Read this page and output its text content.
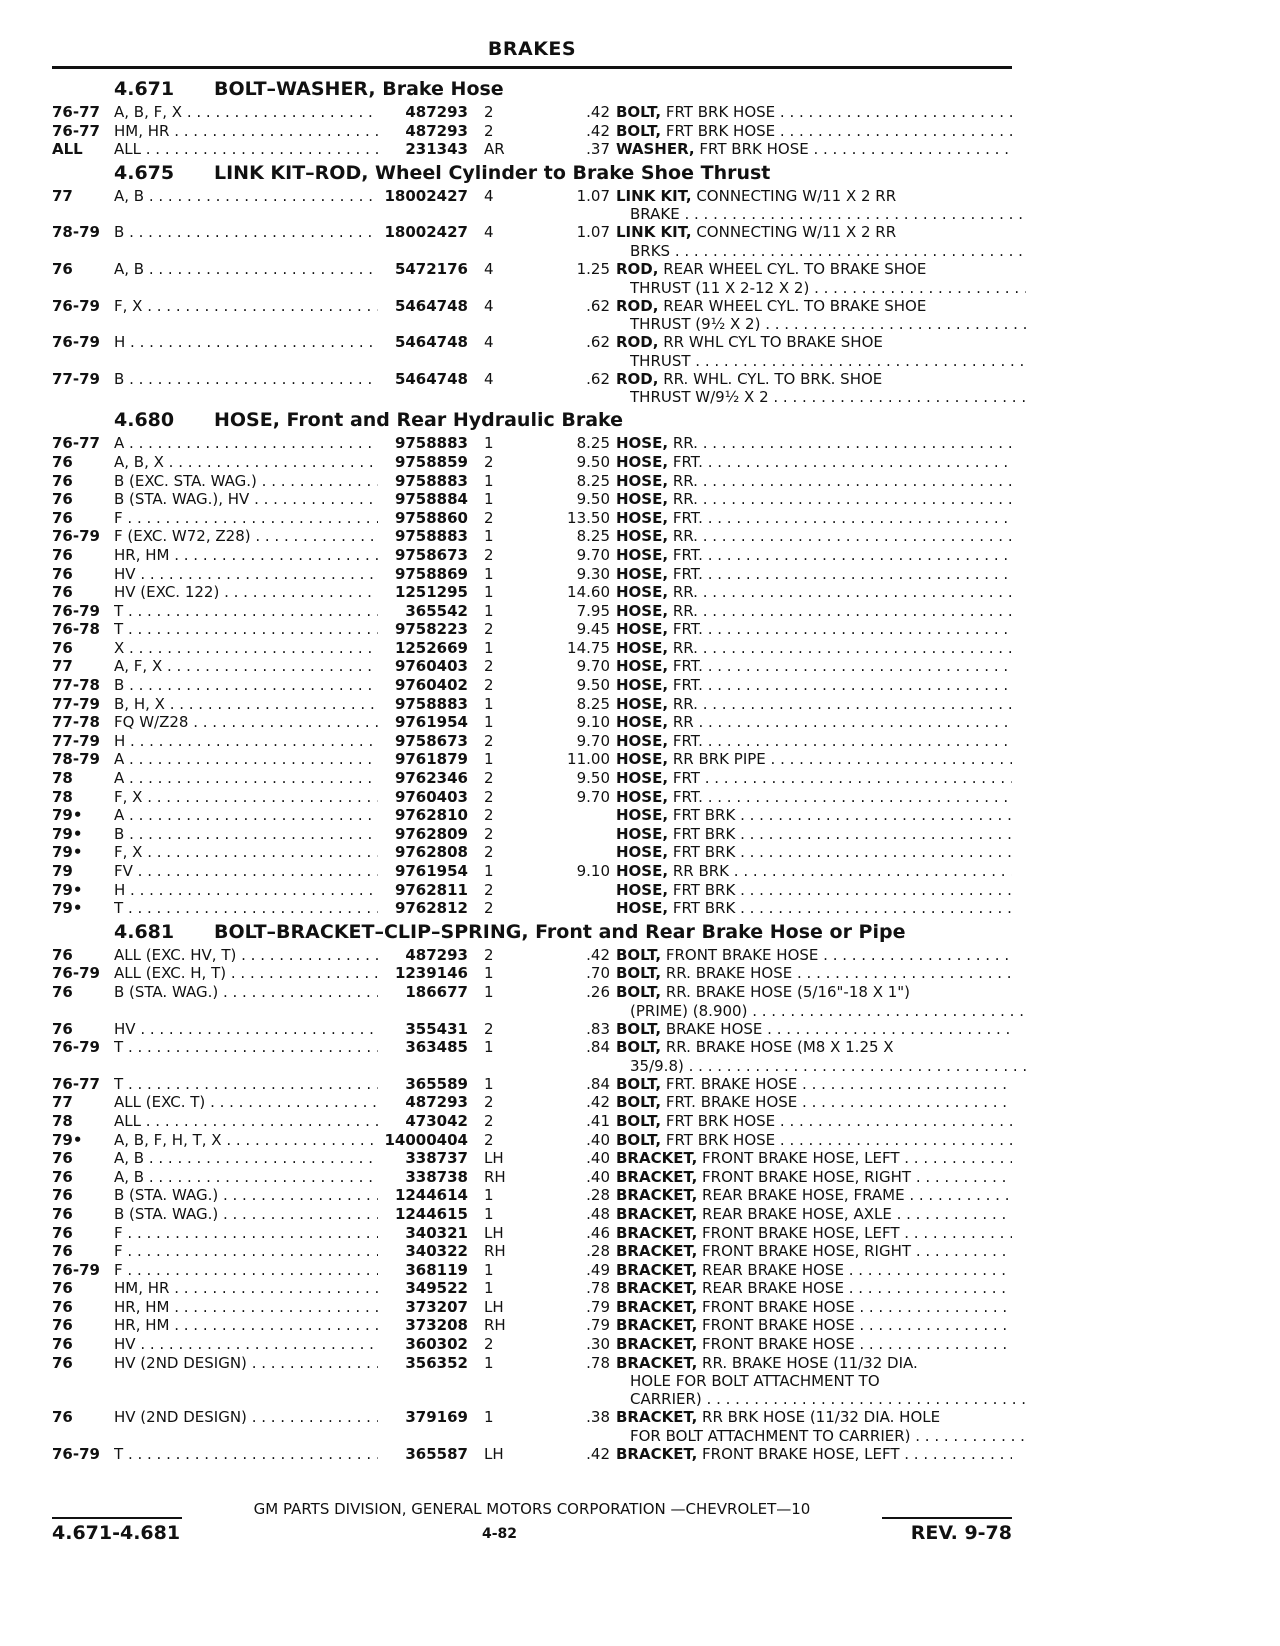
BRAKES
4.671 BOLT–WASHER, Brake Hose
76-77 A, B, F, X . . .	487293 2	.42 BOLT, FRT BRK HOSE . . .
76-77 HM, HR . . .	487293 2	.42 BOLT, FRT BRK HOSE . . .
ALL	ALL . . .	231343 AR	.37 WASHER, FRT BRK HOSE . . .
4.675 LINK KIT–ROD, Wheel Cylinder to Brake Shoe Thrust
77	A, B . . .	18002427 4	1.07 LINK KIT, CONNECTING W/11 X 2 RR
BRAKE . . .
78-79 B . . .	18002427 4	1.07 LINK KIT, CONNECTING W/11 X 2 RR
BRKS . . .
76	A, B . . .	5472176 4	1.25 ROD, REAR WHEEL CYL. TO BRAKE SHOE
THRUST (11 X 2-12 X 2) . . .
76-79 F, X . . .	5464748 4	.62 ROD, REAR WHEEL CYL. TO BRAKE SHOE
THRUST (9½ X 2) . . .
76-79 H . . .	5464748 4	.62 ROD, RR WHL CYL TO BRAKE SHOE
THRUST . . .
77-79 B . . .	5464748 4	.62 ROD, RR. WHL. CYL. TO BRK. SHOE
THRUST W/9½ X 2 . . .
4.680 HOSE, Front and Rear Hydraulic Brake
76-77 A . . .	9758883 1	8.25 HOSE, RR. . . .
76	A, B, X . . .	9758859 2	9.50 HOSE, FRT. . . .
76	B (EXC. STA. WAG.) . . .	9758883 1	8.25 HOSE, RR. . . .
76	B (STA. WAG.), HV . . .	9758884 1	9.50 HOSE, RR. . . .
76	F . . .	9758860 2	13.50 HOSE, FRT. . . .
76-79 F (EXC. W72, Z28) . . .	9758883 1	8.25 HOSE, RR. . . .
76	HR, HM . . .	9758673 2	9.70 HOSE, FRT. . . .
76	HV . . .	9758869 1	9.30 HOSE, FRT. . . .
76	HV (EXC. 122) . . .	1251295 1	14.60 HOSE, RR. . . .
76-79 T . . .	365542 1	7.95 HOSE, RR. . . .
76-78 T . . .	9758223 2	9.45 HOSE, FRT. . . .
76	X . . .	1252669 1	14.75 HOSE, RR. . . .
77	A, F, X . . .	9760403 2	9.70 HOSE, FRT. . . .
77-78 B . . .	9760402 2	9.50 HOSE, FRT. . . .
77-79 B, H, X . . .	9758883 1	8.25 HOSE, RR. . . .
77-78 FQ W/Z28 . . .	9761954 1	9.10 HOSE, RR . . .
77-79 H . . .	9758673 2	9.70 HOSE, FRT. . . .
78-79 A . . .	9761879 1	11.00 HOSE, RR BRK PIPE . . .
78	A . . .	9762346 2	9.50 HOSE, FRT . . .
78	F, X . . .	9760403 2	9.70 HOSE, FRT. . . .
79•	A . . .	9762810 2	HOSE, FRT BRK . . .
79•	B . . .	9762809 2	HOSE, FRT BRK . . .
79•	F, X . . .	9762808 2	HOSE, FRT BRK . . .
79	FV . . .	9761954 1	9.10 HOSE, RR BRK . . .
79•	H . . .	9762811 2	HOSE, FRT BRK . . .
79•	T . . .	9762812 2	HOSE, FRT BRK . . .
4.681 BOLT–BRACKET–CLIP–SPRING, Front and Rear Brake Hose or Pipe
76	ALL (EXC. HV, T) . . .	487293 2	.42 BOLT, FRONT BRAKE HOSE . . .
76-79 ALL (EXC. H, T) . . .	1239146 1	.70 BOLT, RR. BRAKE HOSE . . .
76	B (STA. WAG.) . . .	186677 1	.26 BOLT, RR. BRAKE HOSE (5/16"-18 X 1")
(PRIME) (8.900) . . .
76	HV . . .	355431 2	.83 BOLT, BRAKE HOSE . . .
76-79 T . . .	363485 1	.84 BOLT, RR. BRAKE HOSE (M8 X 1.25 X
35/9.8) . . .
76-77 T . . .	365589 1	.84 BOLT, FRT. BRAKE HOSE . . .
77	ALL (EXC. T) . . .	487293 2	.42 BOLT, FRT. BRAKE HOSE . . .
78	ALL . . .	473042 2	.41 BOLT, FRT BRK HOSE . . .
79•	A, B, F, H, T, X . . .	14000404 2	.40 BOLT, FRT BRK HOSE . . .
76	A, B . . .	338737 LH	.40 BRACKET, FRONT BRAKE HOSE, LEFT . . .
76	A, B . . .	338738 RH	.40 BRACKET, FRONT BRAKE HOSE, RIGHT . . .
76	B (STA. WAG.) . . .	1244614 1	.28 BRACKET, REAR BRAKE HOSE, FRAME . . .
76	B (STA. WAG.) . . .	1244615 1	.48 BRACKET, REAR BRAKE HOSE, AXLE . . .
76	F . . .	340321 LH	.46 BRACKET, FRONT BRAKE HOSE, LEFT . . .
76	F . . .	340322 RH	.28 BRACKET, FRONT BRAKE HOSE, RIGHT . . .
76-79 F . . .	368119 1	.49 BRACKET, REAR BRAKE HOSE . . .
76	HM, HR . . .	349522 1	.78 BRACKET, REAR BRAKE HOSE . . .
76	HR, HM . . .	373207 LH	.79 BRACKET, FRONT BRAKE HOSE . . .
76	HR, HM . . .	373208 RH	.79 BRACKET, FRONT BRAKE HOSE . . .
76	HV . . .	360302 2	.30 BRACKET, FRONT BRAKE HOSE . . .
76	HV (2ND DESIGN) . . .	356352 1	.78 BRACKET, RR. BRAKE HOSE (11/32 DIA.
HOLE FOR BOLT ATTACHMENT TO
CARRIER) . . .
76	HV (2ND DESIGN) . . .	379169 1	.38 BRACKET, RR BRK HOSE (11/32 DIA. HOLE
FOR BOLT ATTACHMENT TO CARRIER) . . .
76-79 T . . .	365587 LH	.42 BRACKET, FRONT BRAKE HOSE, LEFT . . .
GM PARTS DIVISION, GENERAL MOTORS CORPORATION —CHEVROLET—10
4.671-4.681	4-82	REV. 9-78
